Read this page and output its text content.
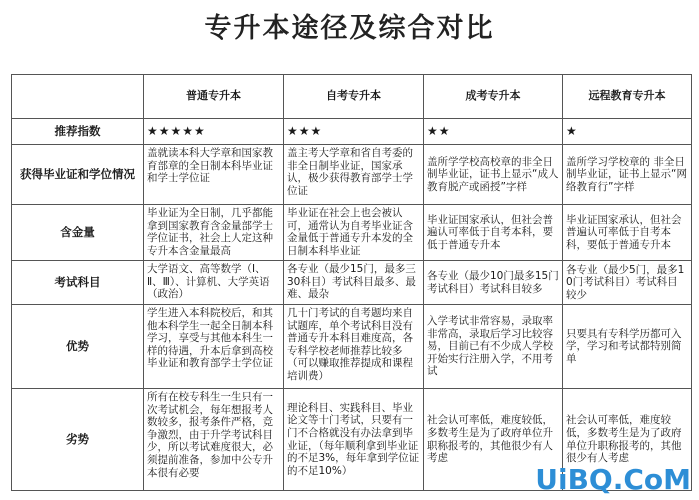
专升本途径及综合对比
	普通专升本	自考专升本	成考专升本	远程教育专升本
推荐指数	★★★★★	★★★	★★	★
获得毕业证和学位情况	盖就读本科大学章和国家教育部章的全日制本科毕业证和学士学位证	盖主考大学章和省自考委的非全日制毕业证，国家承认，极少获得教育部学士学位证	盖所学学校高校章的非全日制毕业证，证书上显示“成人教育脱产或函授”字样	盖所学习学校章的 非全日制毕业证，证书上显示“网络教育行”字样
含金量	毕业证为全日制，几乎都能拿到国家教育含金量部学士学位证书，社会上人定这种专升本含金量最高	毕业证在社会上也会被认可，通常认为自考毕业证含金量低于普通专升本发的全日制本科毕业证	毕业证国家承认，但社会普遍认可率低于自考本科，要低于普通专升本	毕业证国家承认，但社会普遍认可率低于自考本科，要低于普通专升本
考试科目	大学语文、高等数学（Ⅰ、Ⅱ、Ⅲ）、计算机、大学英语（政治）	各专业（最少15门，最多三30科目）考试科目最多、最难、最杂	各专业（最少10门最多15门考试科目）考试科目较多	各专业（最少5门，最多10门考试科目）考试科目较少
优势	学生进入本科院校后，和其他本科学生一起全日制本科学习，享受与其他本科生一样的待遇，升本后拿到高校毕业证和教育部学士学位证	几十门考试的自考题均来自试题库，单个考试科目没有普通专升本科目难度高，各专科学校老师推荐比较多（可以赚取推荐提成和课程培训费）	入学考试非常容易，录取率非常高，录取后学习比较容易，目前已有不少成人学校开始实行注册入学，不用考试	只要具有专科学历都可入学，学习和考试都特别简单
劣势	所有在校专科生一生只有一次考试机会，每年想报考人数较多，报考条件严格，竞争激烈，由于升学考试科目少，所以考试难度很大，必须提前准备，参加中公专升本很有必要	理论科目、实践科目、毕业论文等十门考试，只要有一门不合格就没有办法拿到毕业证，（每年顺利拿到毕业证的不足3%，每年拿到学位证的不足10%）	社会认可率低，难度较低，多数考生是为了政府单位升职称报考的，其他很少有人考虑	社会认可率低，难度较低，多数考生是为了政府单位升职称报考的，其他很少有人考虑
UiBQ.CoM
